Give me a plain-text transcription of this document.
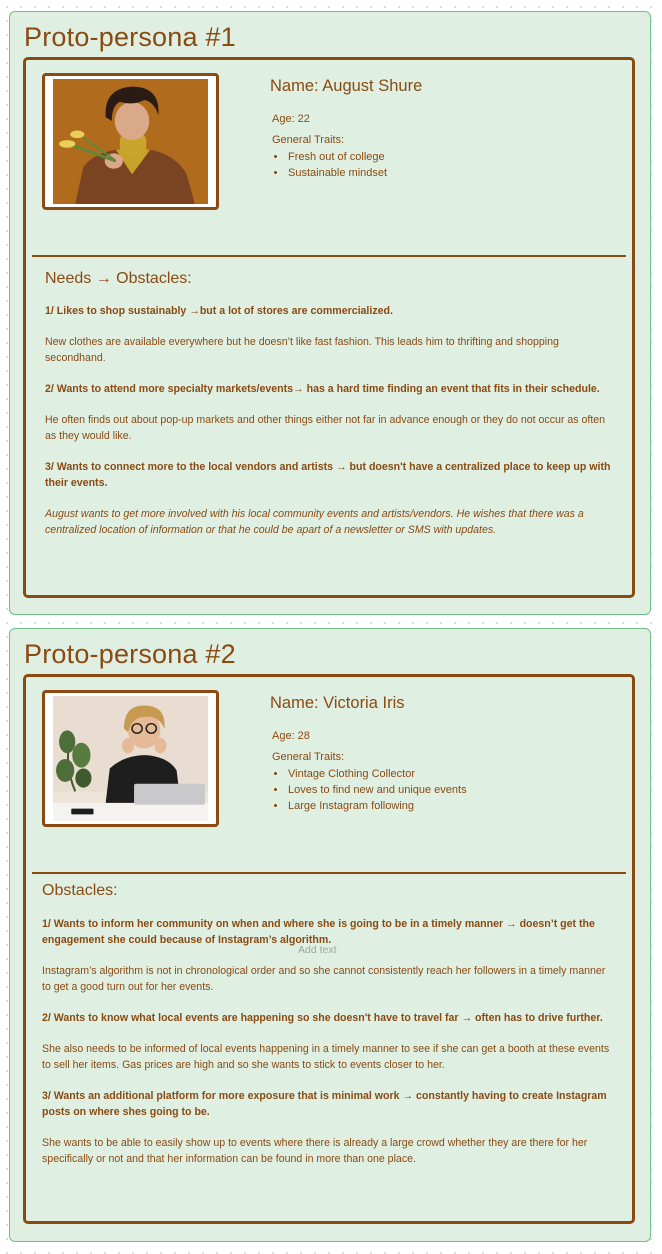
Proto-persona #1
Name: August Shure
Age: 22
General Traits:
• Fresh out of college
• Sustainable mindset
Needs → Obstacles:
1/ Likes to shop sustainably →but a lot of stores are commercialized.
New clothes are available everywhere but he doesn’t like fast fashion. This leads him to thrifting and shopping secondhand.
2/ Wants to attend more specialty markets/events→ has a hard time finding an event that fits in their schedule.
He often finds out about pop-up markets and other things either not far in advance enough or they do not occur as often as they would like.
3/ Wants to connect more to the local vendors and artists → but doesn't have a centralized place to keep up with their events.
August wants to get more involved with his local community events and artists/vendors. He wishes that there was a centralized location of information or that he could be apart of a newsletter or SMS with updates.
Proto-persona #2
Name: Victoria Iris
Age: 28
General Traits:
• Vintage Clothing Collector
• Loves to find new and unique events
• Large Instagram following
Obstacles:
1/ Wants to inform her community on when and where she is going to be in a timely manner → doesn’t get the engagement she could because of Instagram’s algorithm.
Instagram’s algorithm is not in chronological order and so she cannot consistently reach her followers in a timely manner to get a good turn out for her events.
2/ Wants to know what local events are happening so she doesn't have to travel far → often has to drive further.
She also needs to be informed of local events happening in a timely manner to see if she can get a booth at these events to sell her items. Gas prices are high and so she wants to stick to events closer to her.
3/ Wants an additional platform for more exposure that is minimal work → constantly having to create Instagram posts on where shes going to be.
She wants to be able to easily show up to events where there is already a large crowd whether they are there for her specifically or not and that her information can be found in more than one place.
Add text
